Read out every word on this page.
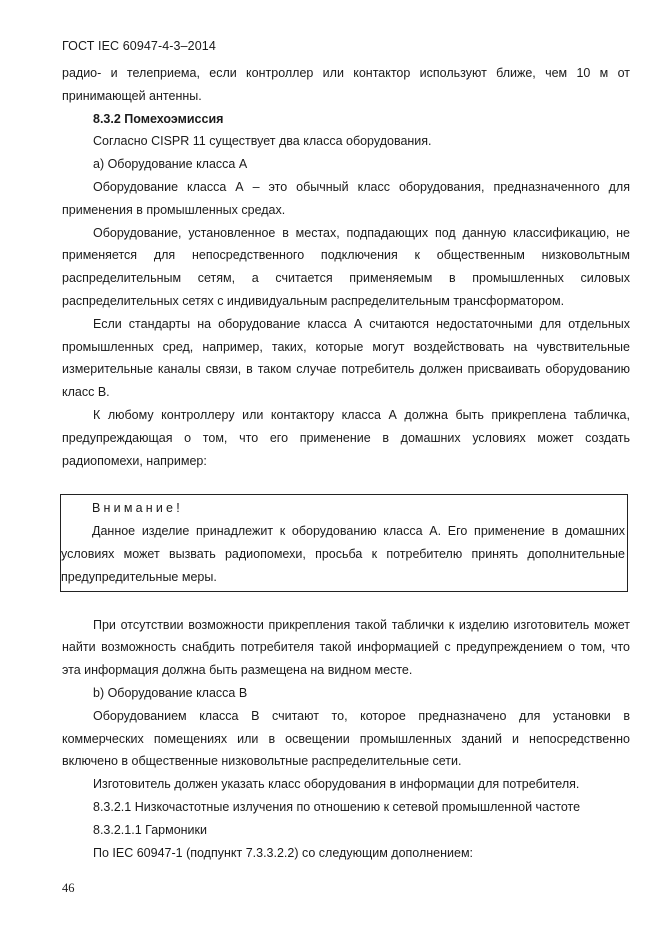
ГОСТ IEC 60947-4-3–2014

радио- и телеприема, если контроллер или контактор используют ближе, чем 10 м от принимающей антенны.

8.3.2 Помехоэмиссия

Согласно CISPR 11 существует два класса оборудования.

a) Оборудование класса А

Оборудование класса А – это обычный класс оборудования, предназначенного для применения в промышленных средах.

Оборудование, установленное в местах, подпадающих под данную классификацию, не применяется для непосредственного подключения к общественным низковольтным распределительным сетям, а считается применяемым в промышленных силовых распределительных сетях с индивидуальным распределительным трансформатором.

Если стандарты на оборудование класса А считаются недостаточными для отдельных промышленных сред, например, таких, которые могут воздействовать на чувствительные измерительные каналы связи, в таком случае потребитель должен присваивать оборудованию класс В.

К любому контроллеру или контактору класса А должна быть прикреплена табличка, предупреждающая о том, что его применение в домашних условиях может создать радиопомехи, например:

Внимание!

Данное изделие принадлежит к оборудованию класса А. Его применение в домашних условиях может вызвать радиопомехи, просьба к потребителю принять дополнительные предупредительные меры.

При отсутствии возможности прикрепления такой таблички к изделию изготовитель может найти возможность снабдить потребителя такой информацией с предупреждением о том, что эта информация должна быть размещена на видном месте.

b) Оборудование класса В

Оборудованием класса В считают то, которое предназначено для установки в коммерческих помещениях или в освещении промышленных зданий и непосредственно включено в общественные низковольтные распределительные сети.

Изготовитель должен указать класс оборудования в информации для потребителя.

8.3.2.1 Низкочастотные излучения по отношению к сетевой промышленной частоте

8.3.2.1.1 Гармоники

По IEC 60947-1 (подпункт 7.3.3.2.2) со следующим дополнением:

46
